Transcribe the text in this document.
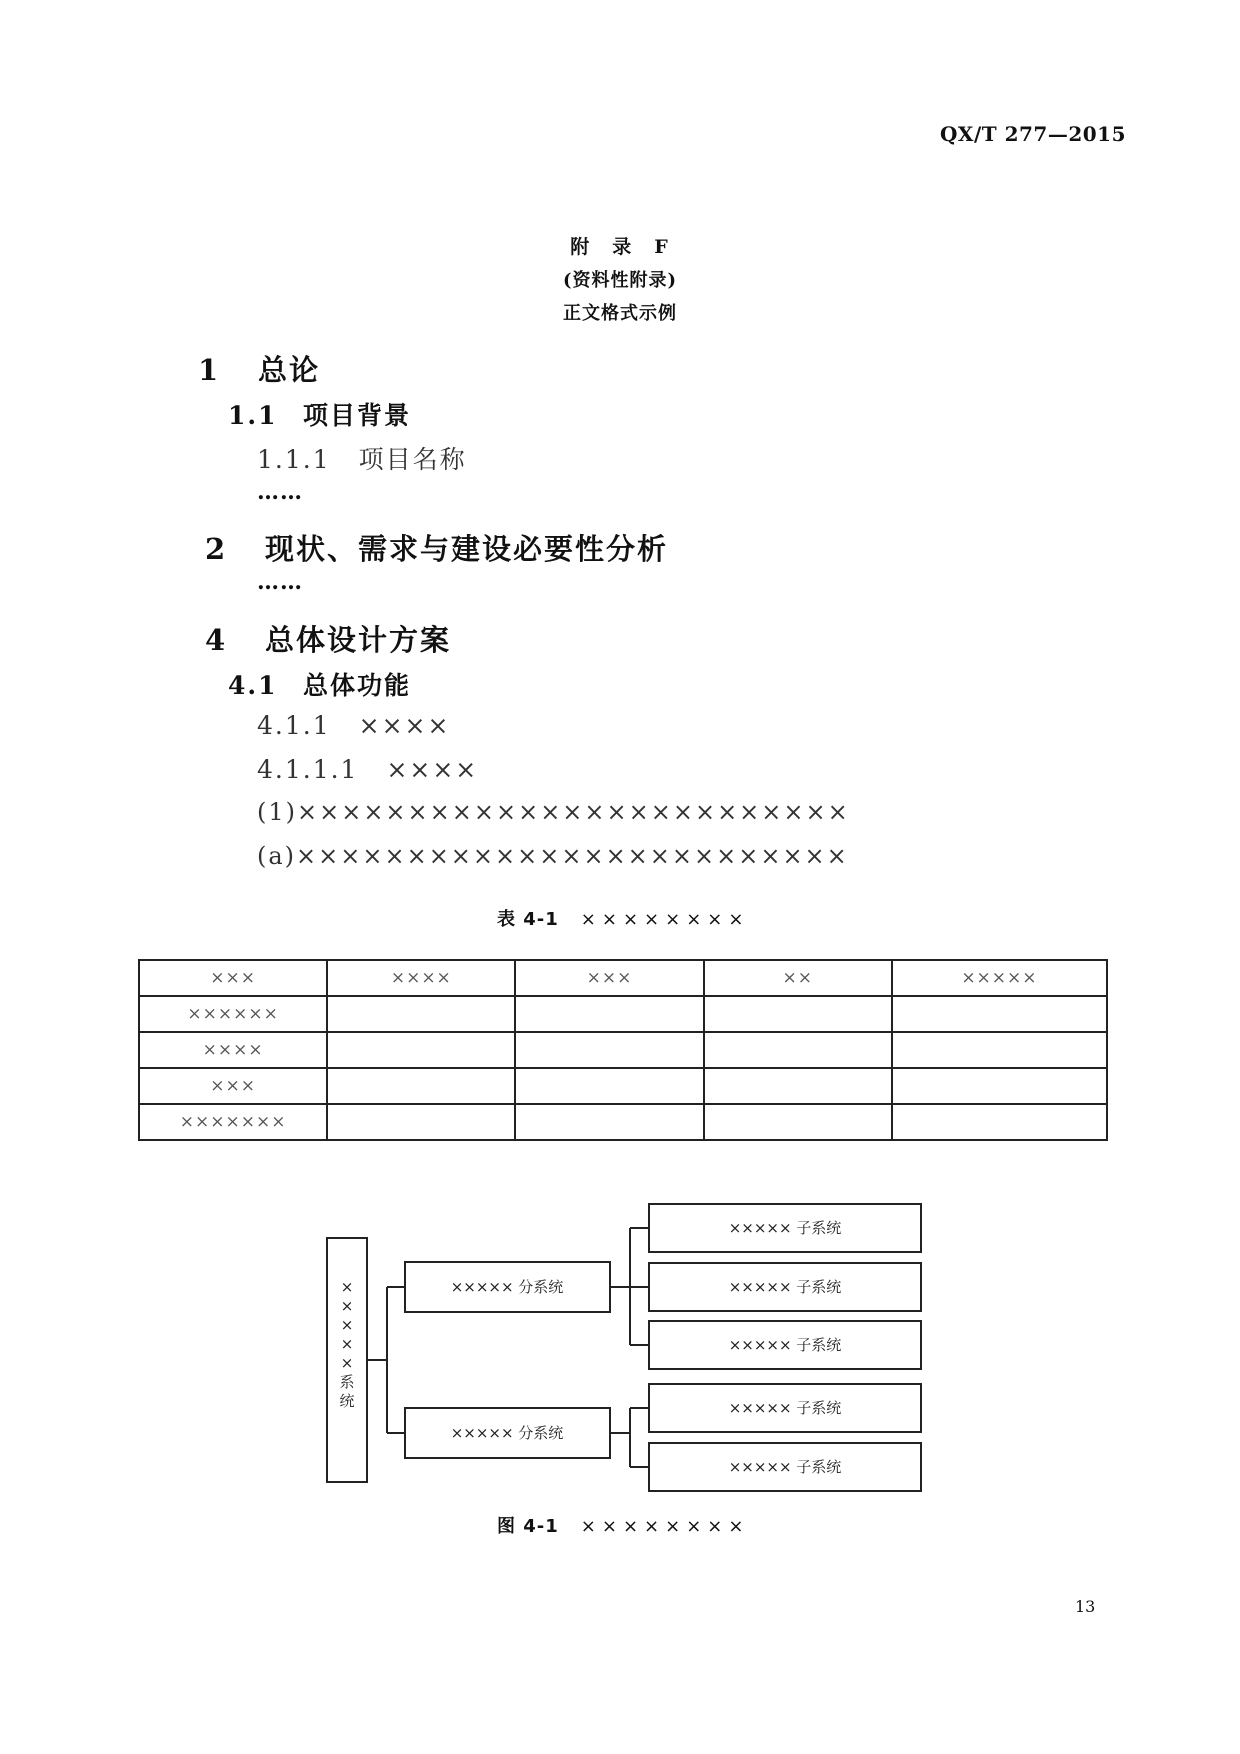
QX/T 277—2015
附　录　F
(资料性附录)
正文格式示例
1 总论
1.1 项目背景
1.1.1 项目名称
……
2 现状、需求与建设必要性分析
……
4 总体设计方案
4.1 总体功能
4.1.1 ××××
4.1.1.1 ××××
(1)×××××××××××××××××××××××××
(a)×××××××××××××××××××××××××
表 4-1 ××××××××
×××	××××	×××	××	×××××
××××××				
××××				
×××				
×××××××				
×
×
×
×
×
系
统
××××× 分系统
××××× 分系统
××××× 子系统
××××× 子系统
××××× 子系统
××××× 子系统
××××× 子系统
图 4-1 ××××××××
13
